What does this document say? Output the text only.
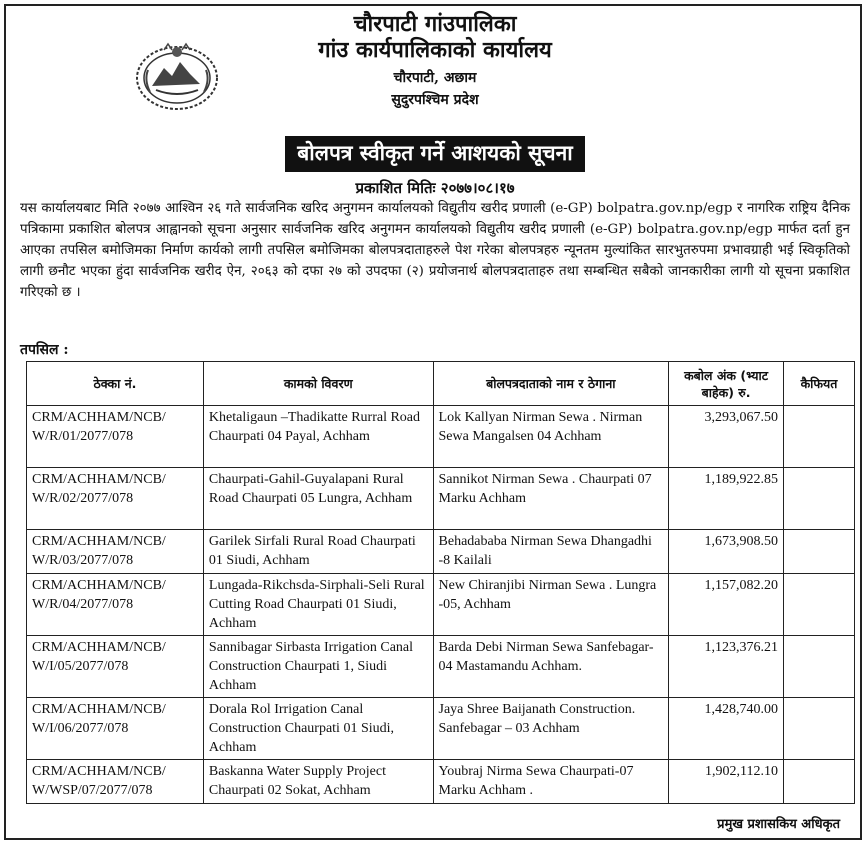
चौरपाटी गांउपालिका
गांउ कार्यपालिकाको कार्यालय
चौरपाटी, अछाम
सुदुरपश्चिम प्रदेश
बोलपत्र स्वीकृत गर्ने आशयको सूचना
प्रकाशित मितिः २०७७।०८।१७

यस कार्यालयबाट मिति २०७७ आश्विन २६ गते सार्वजनिक खरिद अनुगमन कार्यालयको विद्युतीय खरीद प्रणाली (e-GP) bolpatra.gov.np/egp र नागरिक राष्ट्रिय दैनिक पत्रिकामा प्रकाशित बोलपत्र आह्वानको सूचना अनुसार सार्वजनिक खरिद अनुगमन कार्यालयको विद्युतीय खरीद प्रणाली (e-GP) bolpatra.gov.np/egp मार्फत दर्ता हुन आएका तपसिल बमोजिमका निर्माण कार्यको लागी तपसिल बमोजिमका बोलपत्रदाताहरुले पेश गरेका बोलपत्रहरु न्यूनतम मुल्यांकित सारभुतरुपमा प्रभावग्राही भई स्विकृतिको लागी छनौट भएका हुंदा सार्वजनिक खरीद ऐन, २०६३ को दफा २७ को उपदफा (२) प्रयोजनार्थ बोलपत्रदाताहरु तथा सम्बन्धित सबैको जानकारीका लागी यो सूचना प्रकाशित गरिएको छ ।

तपसिल :
ठेक्का नं.	कामको विवरण	बोलपत्रदाताको नाम र ठेगाना	कबोल अंक (भ्याट बाहेक) रु.	कैफियत
CRM/ACHHAM/NCB/
W/R/01/2077/078	Khetaligaun –Thadikatte Rurral Road Chaurpati 04 Payal, Achham	Lok Kallyan Nirman Sewa . Nirman Sewa Mangalsen 04 Achham	3,293,067.50	
CRM/ACHHAM/NCB/
W/R/02/2077/078	Chaurpati-Gahil-Guyalapani Rural Road Chaurpati 05 Lungra, Achham	Sannikot Nirman Sewa . Chaurpati 07 Marku Achham	1,189,922.85	
CRM/ACHHAM/NCB/
W/R/03/2077/078	Garilek Sirfali Rural Road Chaurpati 01 Siudi, Achham	Behadababa Nirman Sewa Dhangadhi -8 Kailali	1,673,908.50	
CRM/ACHHAM/NCB/
W/R/04/2077/078	Lungada-Rikchsda-Sirphali-Seli Rural Cutting Road Chaurpati 01 Siudi, Achham	New Chiranjibi Nirman Sewa . Lungra -05, Achham	1,157,082.20	
CRM/ACHHAM/NCB/
W/I/05/2077/078	Sannibagar Sirbasta Irrigation Canal Construction Chaurpati 1, Siudi Achham	Barda Debi Nirman Sewa Sanfebagar- 04 Mastamandu Achham.	1,123,376.21	
CRM/ACHHAM/NCB/
W/I/06/2077/078	Dorala Rol Irrigation Canal Construction Chaurpati 01 Siudi, Achham	Jaya Shree Baijanath Construction. Sanfebagar – 03 Achham	1,428,740.00	
CRM/ACHHAM/NCB/
W/WSP/07/2077/078	Baskanna Water Supply Project Chaurpati 02 Sokat, Achham	Youbraj Nirma Sewa Chaurpati-07 Marku Achham .	1,902,112.10	
प्रमुख प्रशासकिय अधिकृत
